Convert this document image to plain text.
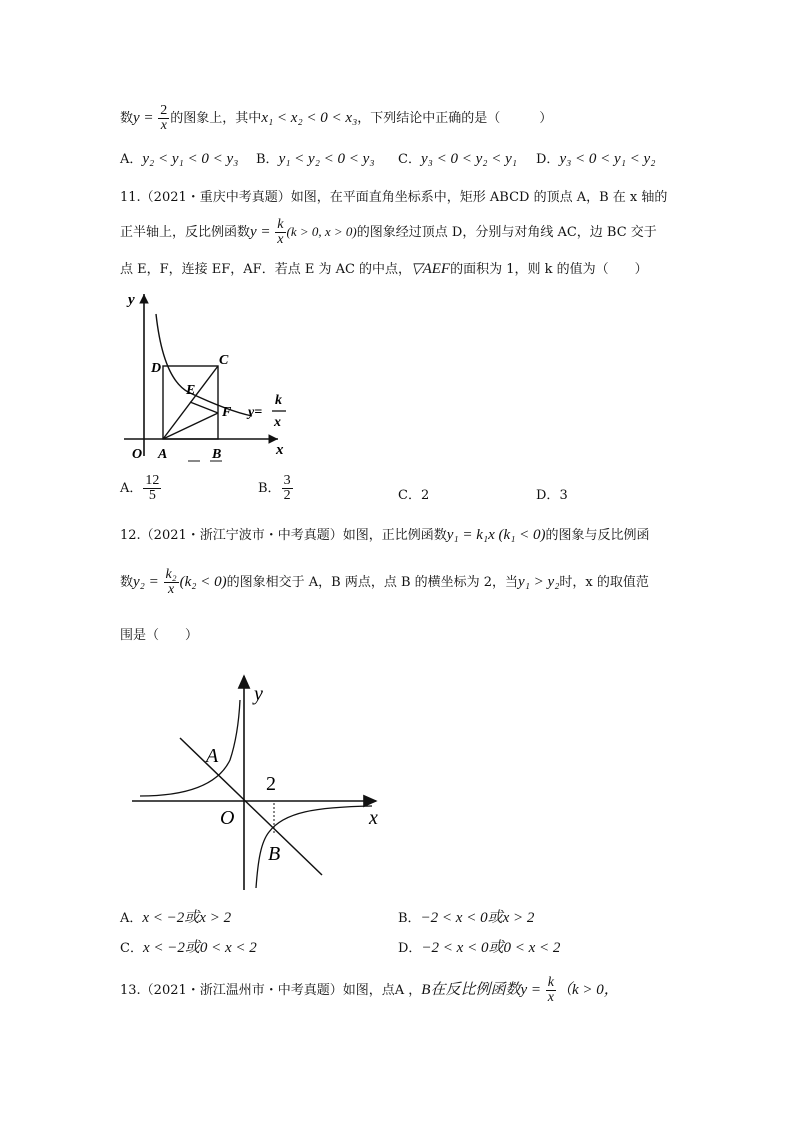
数$y = \frac{2}{x}$ 的图象上，其中x₁ < x₂ < 0 < x₃，下列结论中正确的是（　　　）
A．y₂ < y₁ < 0 < y₃ B．y₁ < y₂ < 0 < y₃ C．y₃ < 0 < y₂ < y₁ D．y₃ < 0 < y₁ < y₂
11.（2021・重庆中考真题）如图，在平面直角坐标系中，矩形 ABCD 的顶点 A，B 在 x 轴的
正半轴上，反比例函数$y = \frac{k}{x} (k > 0$, x > 0)的图象经过顶点 D，分别与对角线 AC，边 BC 交于
点 E，F，连接 EF，AF．若点 E 为 AC 的中点，▽AEF的面积为 1，则 k 的值为（　　）
y
x
O A	B
C
D
E
F y=
k
x
A． $\frac{12}{5}$	B． $\frac{3}{2}$	C．2	D．3
12.（2021・浙江宁波市・中考真题）如图，正比例函数y₁ = k₁x (k₁ < 0)的图象与反比例函
数$y_2 = \frac{\text{k₂}}{x} (k_2 < 0)$的图象相交于 A，B 两点，点 B 的横坐标为 2，当y₁ > y₂时，x 的取值范
围是（　　）
y
x
O
A
B
2
A．x < −2或x > 2	B．−2 < x < 0或x > 2
C．x < −2或0 < x < 2	D．−2 < x < 0或0 < x < 2
13.（2021・浙江温州市・中考真题）如图，点A ，B在反比例函数$y = \frac{k}{x} (k > 0$，
